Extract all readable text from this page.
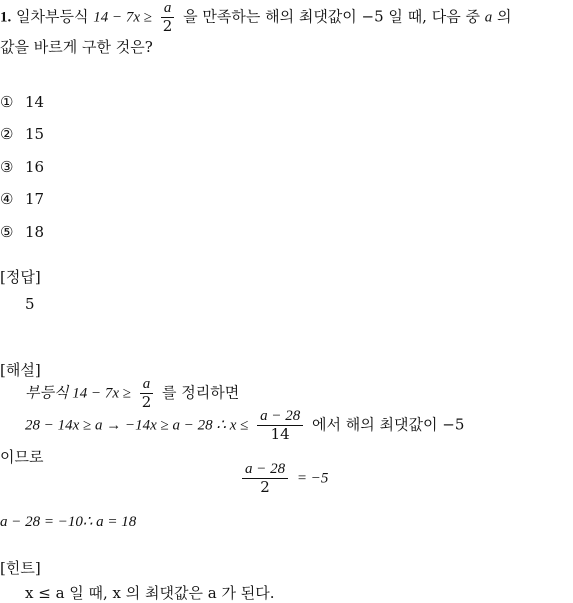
1. 일차부등식 $14 - 7x \ge \frac{a}{2}$ 을 만족하는 해의 최댓값이 −5 일 때, 다음 중 a 의
값을 바르게 구한 것은?
① 14
② 15
③ 16
④ 17
⑤ 18
[정답]
5
[해설]
부등식 $14 - 7x \ge \frac{a}{2}$ 를 정리하면
28 − 14x ≥ a → −14x ≥ a − 28 ∴ $x \le \frac{a - 28}{14}$ 에서 해의 최댓값이 −5
이므로
$\frac{a - 28}{2} = -5$
a − 28 = −10∴ a = 18
[힌트]
x ≤ a 일 때, x 의 최댓값은 a 가 된다.
